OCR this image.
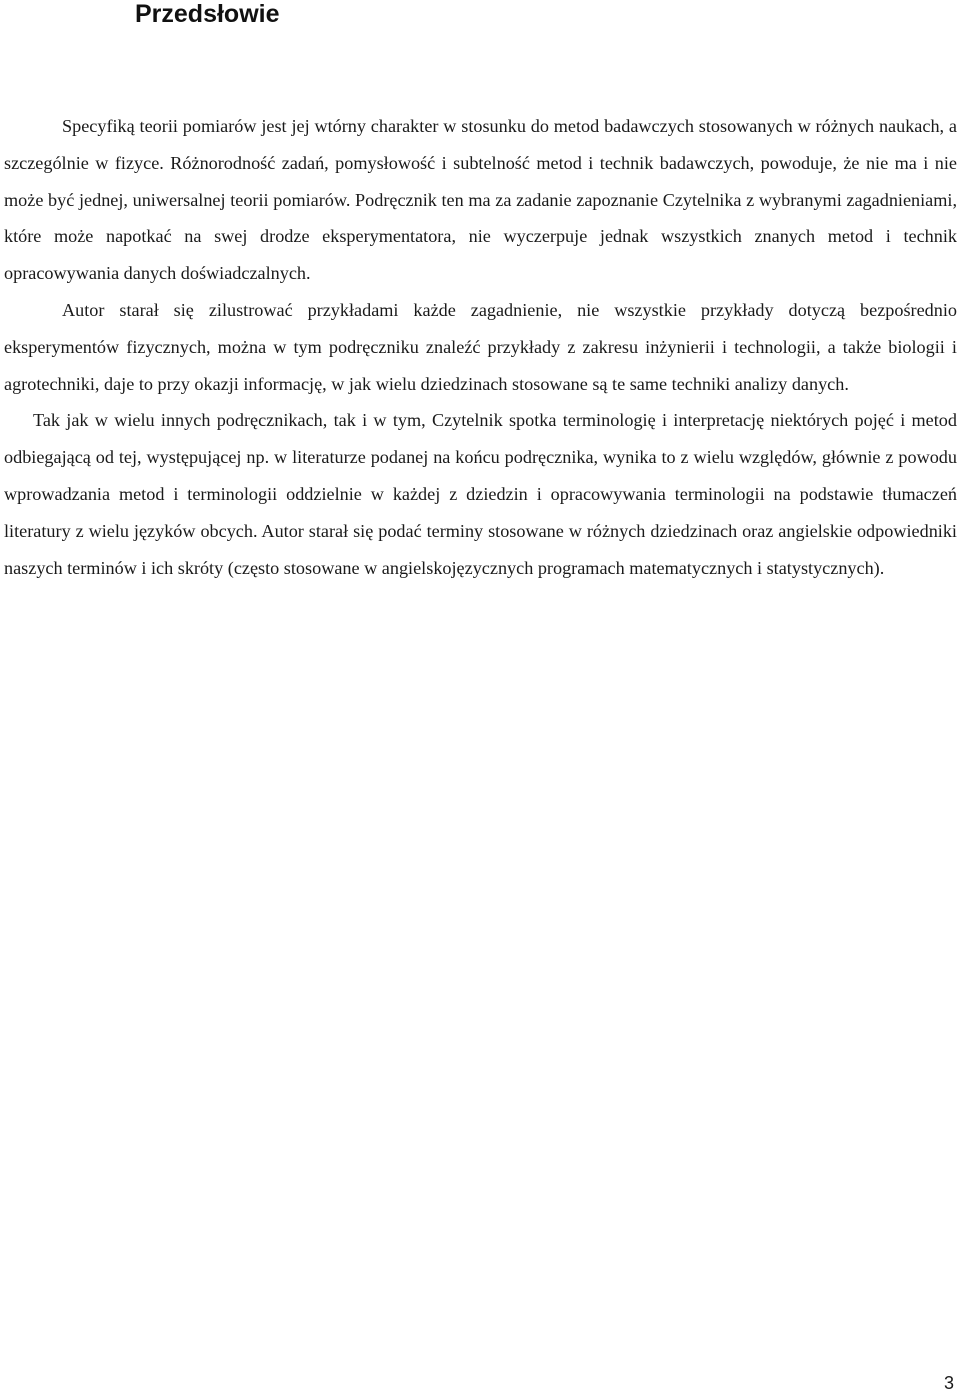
Przedsłowie

Specyfiką teorii pomiarów jest jej wtórny charakter w stosunku do metod badawczych stosowanych w różnych naukach, a szczególnie w fizyce. Różnorodność zadań, pomysłowość i subtelność metod i technik badawczych, powoduje, że nie ma i nie może być jednej, uniwersalnej teorii pomiarów. Podręcznik ten ma za zadanie zapoznanie Czytelnika z wybranymi zagadnieniami, które może napotkać na swej drodze eksperymentatora, nie wyczerpuje jednak wszystkich znanych metod i technik opracowywania danych doświadczalnych.

Autor starał się zilustrować przykładami każde zagadnienie, nie wszystkie przykłady dotyczą bezpośrednio eksperymentów fizycznych, można w tym podręczniku znaleźć przykłady z zakresu inżynierii i technologii, a także biologii i agrotechniki, daje to przy okazji informację, w jak wielu dziedzinach stosowane są te same techniki analizy danych.

Tak jak w wielu innych podręcznikach, tak i w tym, Czytelnik spotka terminologię i interpretację niektórych pojęć i metod odbiegającą od tej, występującej np. w literaturze podanej na końcu podręcznika, wynika to z wielu względów, głównie z powodu wprowadzania metod i terminologii oddzielnie w każdej z dziedzin i opracowywania terminologii na podstawie tłumaczeń literatury z wielu języków obcych. Autor starał się podać terminy stosowane w różnych dziedzinach oraz angielskie odpowiedniki naszych terminów i ich skróty (często stosowane w angielskojęzycznych programach matematycznych i statystycznych).

3
